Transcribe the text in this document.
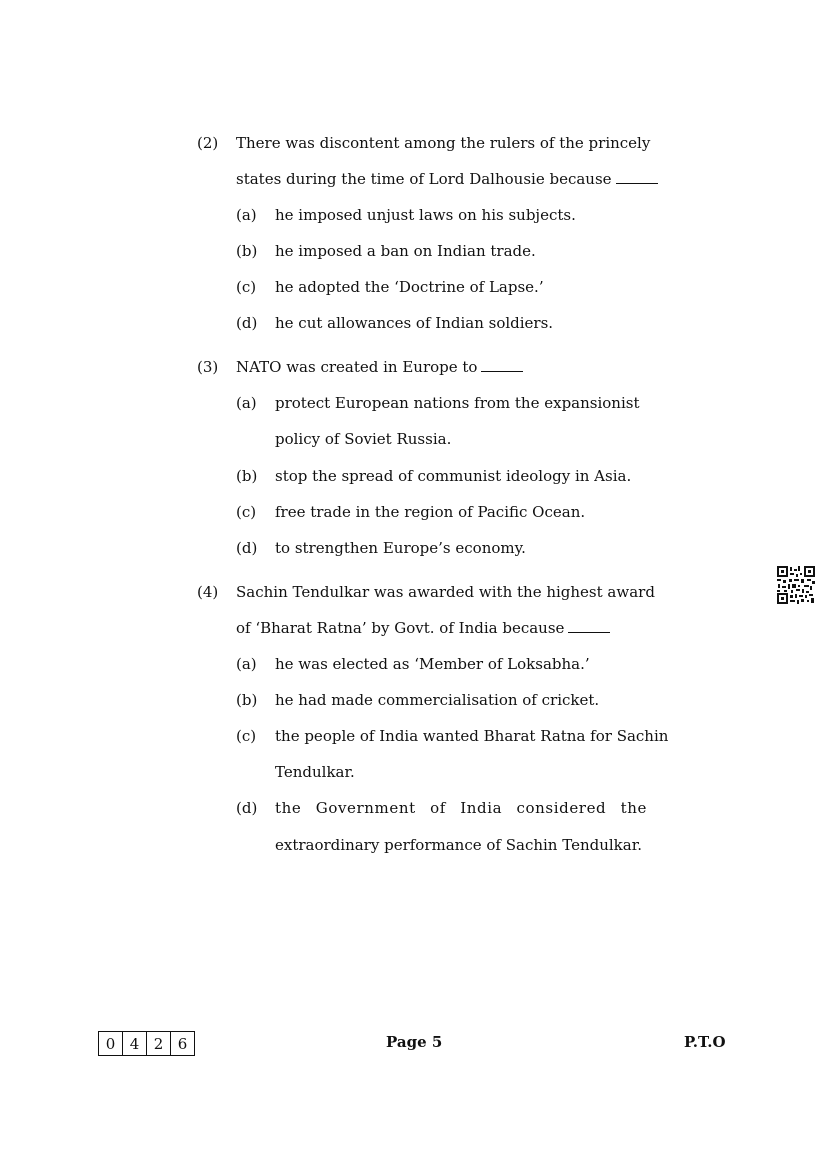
(2) There was discontent among the rulers of the princely
states during the time of Lord Dalhousie because
(a) he imposed unjust laws on his subjects.
(b) he imposed a ban on Indian trade.
(c) he adopted the ‘Doctrine of Lapse.’
(d) he cut allowances of Indian soldiers.
(3) NATO was created in Europe to
(a) protect European nations from the expansionist
policy of Soviet Russia.
(b) stop the spread of communist ideology in Asia.
(c) free trade in the region of Pacific Ocean.
(d) to strengthen Europe’s economy.
(4) Sachin Tendulkar was awarded with the highest award
of ‘Bharat Ratna’ by Govt. of India because
(a) he was elected as ‘Member of Loksabha.’
(b) he had made commercialisation of cricket.
(c) the people of India wanted Bharat Ratna for Sachin
Tendulkar.
(d) the Government of India considered the
extraordinary performance of Sachin Tendulkar.
0 4 2 6	Page 5	P.T.O
